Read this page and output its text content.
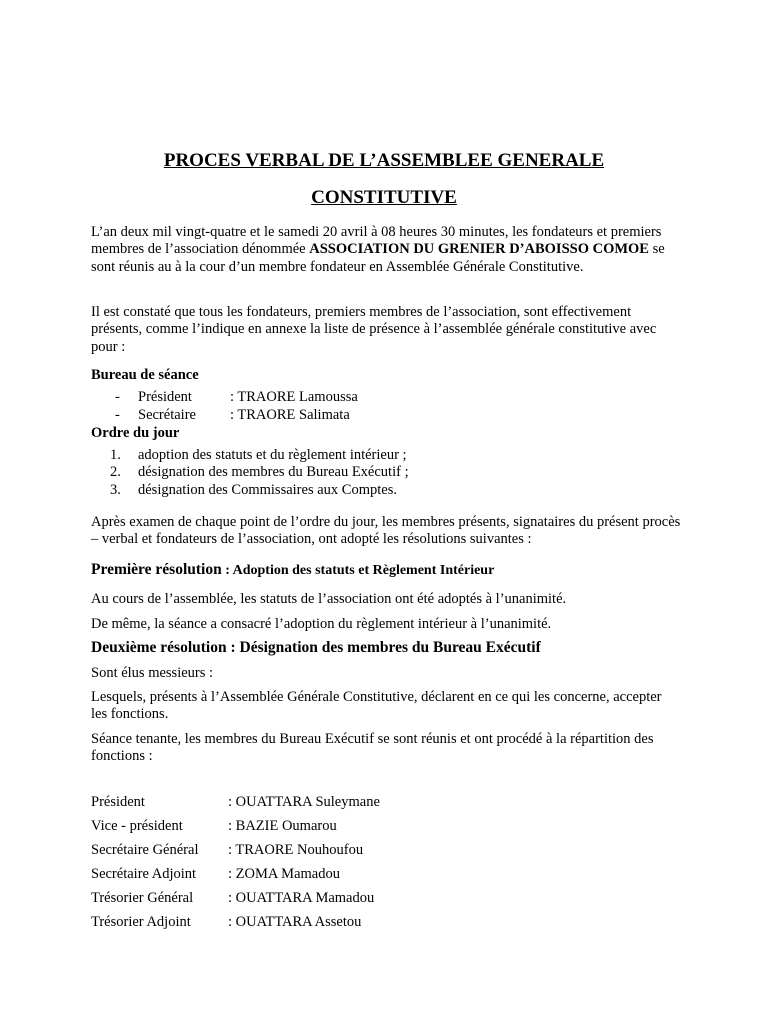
PROCES VERBAL DE L’ASSEMBLEE GENERALE
CONSTITUTIVE

L’an deux mil vingt-quatre et le samedi 20 avril à 08 heures 30 minutes, les fondateurs et premiers membres de l’association dénommée ASSOCIATION DU GRENIER D’ABOISSO COMOE se sont réunis au à la cour d’un membre fondateur en Assemblée Générale Constitutive.

Il est constaté que tous les fondateurs, premiers membres de l’association, sont effectivement présents, comme l’indique en annexe la liste de présence à l’assemblée générale constitutive avec pour :

Bureau de séance
- Président	: TRAORE Lamoussa
- Secrétaire : TRAORE Salimata
Ordre du jour
1. adoption des statuts et du règlement intérieur ;
2. désignation des membres du Bureau Exécutif ;
3. désignation des Commissaires aux Comptes.

Après examen de chaque point de l’ordre du jour, les membres présents, signataires du présent procès – verbal et fondateurs de l’association, ont adopté les résolutions suivantes :

Première résolution : Adoption des statuts et Règlement Intérieur

Au cours de l’assemblée, les statuts de l’association ont été adoptés à l’unanimité.

De même, la séance a consacré l’adoption du règlement intérieur à l’unanimité.

Deuxième résolution : Désignation des membres du Bureau Exécutif

Sont élus messieurs :

Lesquels, présents à l’Assemblée Générale Constitutive, déclarent en ce qui les concerne, accepter les fonctions.

Séance tenante, les membres du Bureau Exécutif se sont réunis et ont procédé à la répartition des fonctions :

Président	: OUATTARA Suleymane
Vice - président	: BAZIE Oumarou
Secrétaire Général : TRAORE Nouhoufou
Secrétaire Adjoint : ZOMA Mamadou
Trésorier Général : OUATTARA Mamadou
Trésorier Adjoint	: OUATTARA Assetou
